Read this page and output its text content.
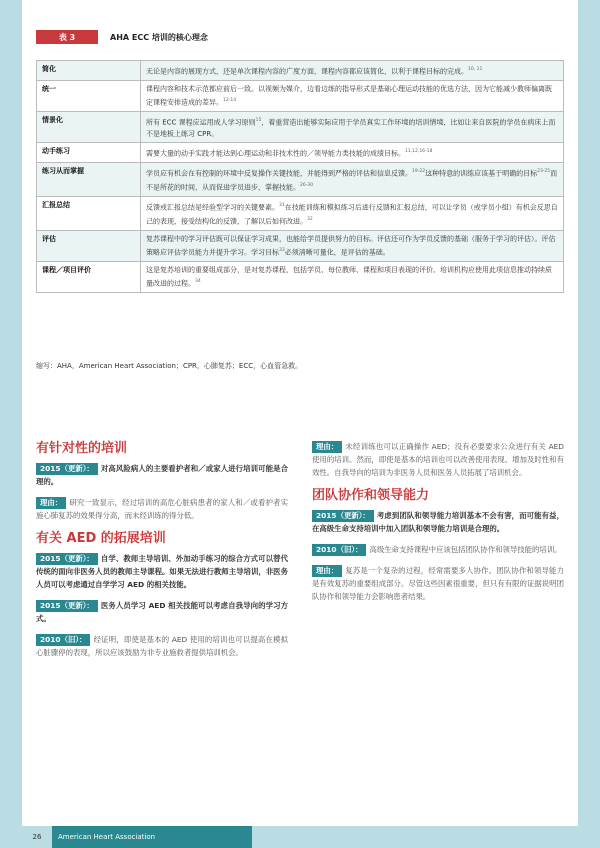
表 3	AHA ECC 培训的核心理念
简化	无论是内容的展现方式，还是单次课程内容的广度方面，课程内容都应该简化，以利于课程目标的完成。$^{10, 11}$
统一	课程内容和技术示范都应前后一致。以视频为媒介，边看边练的指导形式是基础心理运动技能的优选方法，因为它能减少教师偏离既定课程安排造成的差异。$^{12-14}$
情景化	所有 ECC 课程应运用成人学习原则$^{15}$，着重营造出能够实际应用于学员真实工作环境的培训情境，比如让来自医院的学员在病床上而不是地板上练习 CPR。
动手练习	需要大量的动手实践才能达到心理运动和非技术性的／领导能力类技能的成绩目标。$^{11,12,16-18}$
练习从而掌握	学员应有机会在有控制的环境中反复操作关键技能，并能得到严格的评估和信息反馈。$^{19-22}$这种特意的训练应该基于明确的目标$^{23-25}$而不是所花的时间，从而促进学员进步，掌握技能。$^{26-30}$
汇报总结	反馈或汇报总结是经验型学习的关键要素。$^{31}$在技能训练和模拟练习后进行反馈和汇报总结，可以让学员（或学员小组）有机会反思自己的表现，接受结构化的反馈，了解以后如何改进。$^{32}$
评估	复苏课程中的学习评估既可以保证学习成果，也能给学员提供努力的目标。评估还可作为学员反馈的基础（服务于学习的评估）。评估策略应评估学员能力并提升学习。学习目标$^{33}$必须清晰可量化，是评估的基础。
课程／项目评价	这是复苏培训的重要组成部分，是对复苏课程，包括学员、每位教师、课程和项目表现的评价。培训机构应使用此项信息推动持续质量改进的过程。$^{34}$
缩写：AHA，American Heart Association；CPR，心肺复苏；ECC，心血管急救。
有针对性的培训

2015（更新）： 对高风险病人的主要看护者和／或家人进行培训可能是合理的。

理由： 研究一致显示，经过培训的高危心脏病患者的家人和／或看护者实施心肺复苏的效果得分高，而未经训练的得分低。

有关 AED 的拓展培训

2015（更新）： 自学、教师主导培训、外加动手练习的综合方式可以替代传统的面向非医务人员的教师主导课程。如果无法进行教师主导培训，非医务人员可以考虑通过自学学习 AED 的相关技能。

2015（更新）： 医务人员学习 AED 相关技能可以考虑自我导向的学习方式。

2010（旧）： 经证明，即使是基本的 AED 使用的培训也可以提高在模拟心脏骤停的表现，所以应该鼓励为非专业施救者提供培训机会。

理由： 未经训练也可以正确操作 AED；没有必要要求公众进行有关 AED 使用的培训。然而，即使是基本的培训也可以改善使用表现、增加及时性和有效性。自我导向的培训为非医务人员和医务人员拓展了培训机会。

团队协作和领导能力

2015（更新）： 考虑到团队和领导能力培训基本不会有害，而可能有益，在高级生命支持培训中加入团队和领导能力培训是合理的。

2010（旧）： 高级生命支持课程中应该包括团队协作和领导技能的培训。

理由： 复苏是一个复杂的过程，经常需要多人协作。团队协作和领导能力是有效复苏的重要组成部分。尽管这些因素很重要，但只有有限的证据说明团队协作和领导能力会影响患者结果。

26	American Heart Association
